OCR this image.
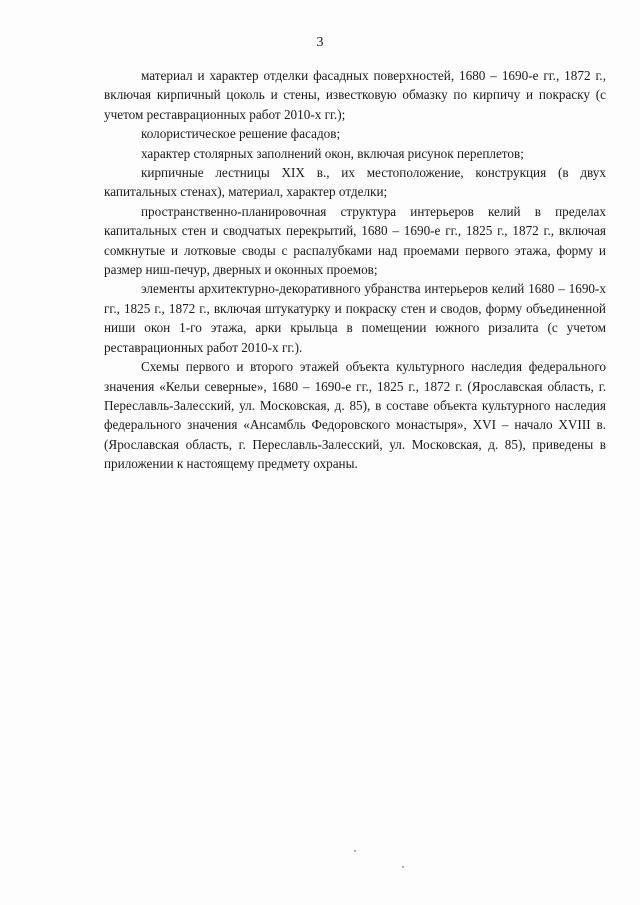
3

материал и характер отделки фасадных поверхностей, 1680 – 1690-е гг., 1872 г., включая кирпичный цоколь и стены, известковую обмазку по кирпичу и покраску (с учетом реставрационных работ 2010-х гг.);

колористическое решение фасадов;

характер столярных заполнений окон, включая рисунок переплетов;

кирпичные лестницы XIX в., их местоположение, конструкция (в двух капитальных стенах), материал, характер отделки;

пространственно-планировочная структура интерьеров келий в пределах капитальных стен и сводчатых перекрытий, 1680 – 1690-е гг., 1825 г., 1872 г., включая сомкнутые и лотковые своды с распалубками над проемами первого этажа, форму и размер ниш-печур, дверных и оконных проемов;

элементы архитектурно-декоративного убранства интерьеров келий 1680 – 1690-х гг., 1825 г., 1872 г., включая штукатурку и покраску стен и сводов, форму объединенной ниши окон 1-го этажа, арки крыльца в помещении южного ризалита (с учетом реставрационных работ 2010-х гг.).

Схемы первого и второго этажей объекта культурного наследия федерального значения «Кельи северные», 1680 – 1690-е гг., 1825 г., 1872 г. (Ярославская область, г. Переславль-Залесский, ул. Московская, д. 85), в составе объекта культурного наследия федерального значения «Ансамбль Федоровского монастыря», XVI – начало XVIII в. (Ярославская область, г. Переславль-Залесский, ул. Московская, д. 85), приведены в приложении к настоящему предмету охраны.
